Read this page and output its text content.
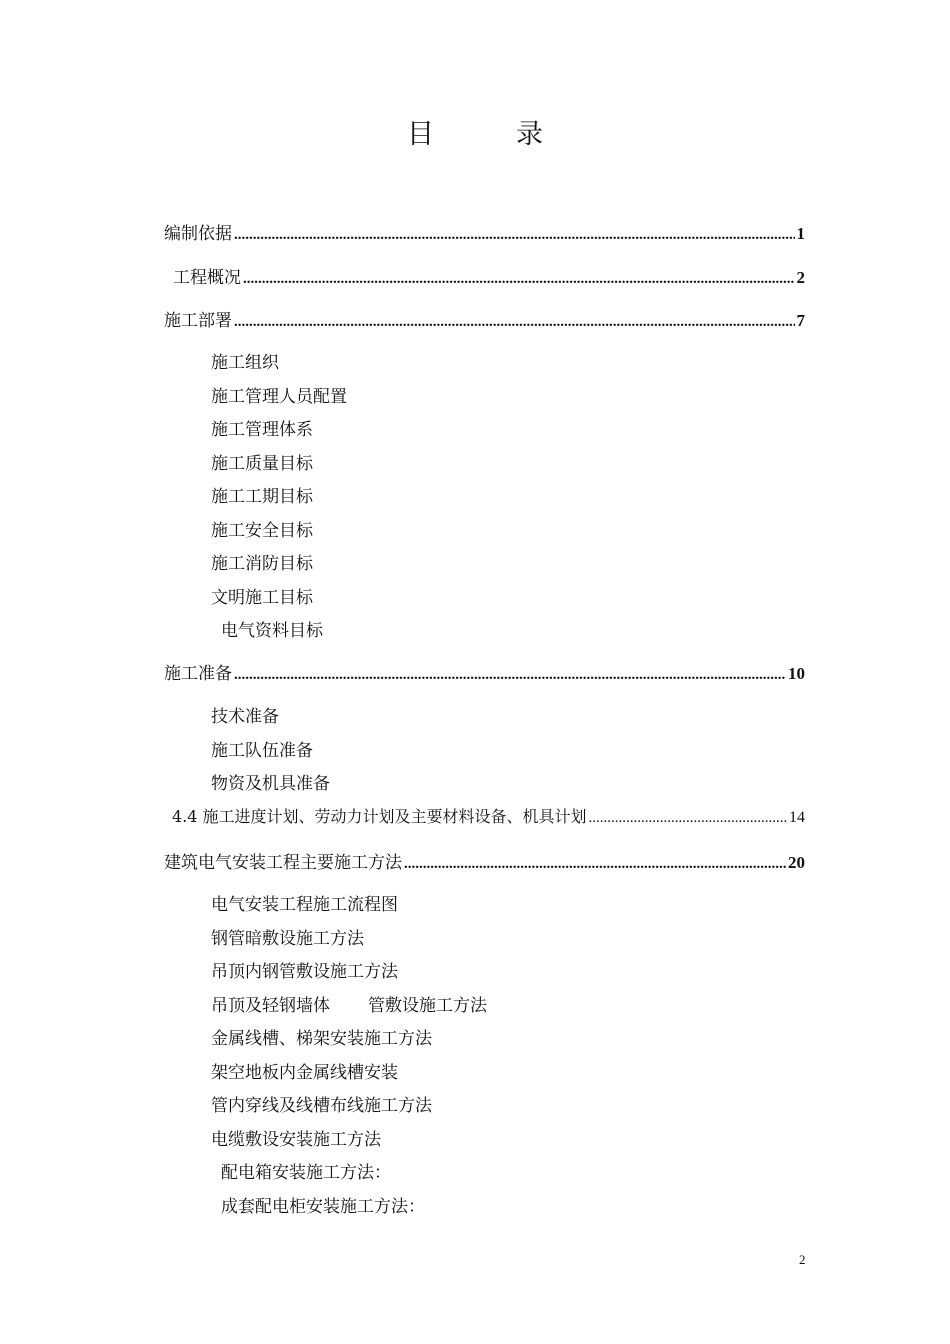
目	录
编制依据 .....	1
工程概况 .....	2
施工部署 .....	7
施工组织
施工管理人员配置
施工管理体系
施工质量目标
施工工期目标
施工安全目标
施工消防目标
文明施工目标
电气资料目标
施工准备 .....	10
技术准备
施工队伍准备
物资及机具准备
4.4 施工进度计划、劳动力计划及主要材料设备、机具计划 .....	14
建筑电气安装工程主要施工方法 .....	20
电气安装工程施工流程图
钢管暗敷设施工方法
吊顶内钢管敷设施工方法
吊顶及轻钢墙体 管敷设施工方法
金属线槽、梯架安装施工方法
架空地板内金属线槽安装
管内穿线及线槽布线施工方法
电缆敷设安装施工方法
配电箱安装施工方法：
成套配电柜安装施工方法：
2
